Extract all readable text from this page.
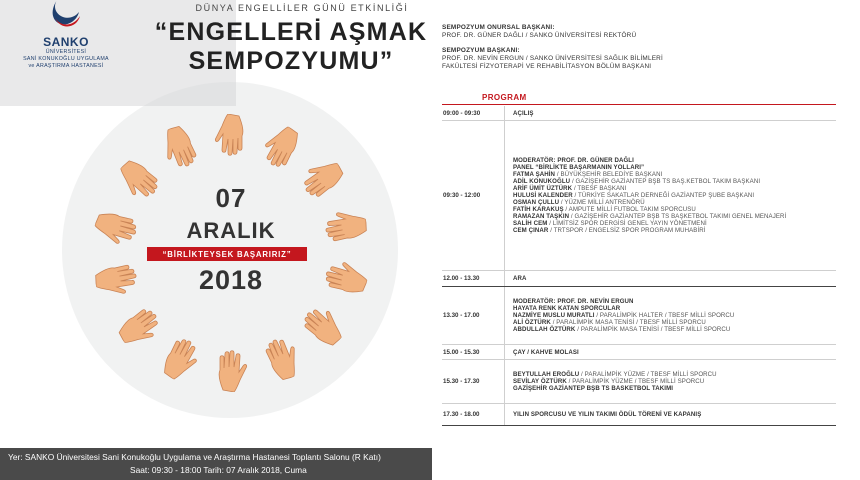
SANKO
ÜNİVERSİTESİ
SANİ KONUKOĞLU UYGULAMA
ve ARAŞTIRMA HASTANESİ
DÜNYA ENGELLİLER GÜNÜ ETKİNLİĞİ
“ENGELLERİ AŞMAK
SEMPOZYUMU”
07
ARALIK
“BİRLİKTEYSEK BAŞARIRIZ”
2018
Yer: SANKO Üniversitesi Sani Konukoğlu Uygulama ve Araştırma Hastanesi Toplantı Salonu (R Katı)
Saat: 09:30 - 18:00 Tarih: 07 Aralık 2018, Cuma
SEMPOZYUM ONURSAL BAŞKANI:
PROF. DR. GÜNER DAĞLI / SANKO ÜNİVERSİTESİ REKTÖRÜ
SEMPOZYUM BAŞKANI:
PROF. DR. NEVİN ERGUN / SANKO ÜNİVERSİTESİ SAĞLIK BİLİMLERİ
FAKÜLTESİ FİZYOTERAPİ VE REHABİLİTASYON BÖLÜM BAŞKANI
PROGRAM
09:00 - 09:30	AÇILIŞ
09:30 - 12:00
MODERATÖR: PROF. DR. GÜNER DAĞLI
PANEL “BİRLİKTE BAŞARMANIN YOLLARI”
FATMA ŞAHİN / BÜYÜKŞEHİR BELEDİYE BAŞKANI
ADİL KONUKOĞLU / GAZİŞEHİR GAZİANTEP BŞB TS BAŞ.KETBOL TAKIM BAŞKANI
ARİF ÜMİT ÜZTÜRK / TBESF BAŞKANI
HULUSİ KALENDER / TÜRKİYE SAKATLAR DERNEĞİ GAZİANTEP ŞUBE BAŞKANI
OSMAN ÇULLU / YÜZME MİLLİ ANTRENÖRÜ
FATİH KARAKUŞ / AMPUTE MİLLİ FUTBOL TAKIM SPORCUSU
RAMAZAN TAŞKIN / GAZİŞEHİR GAZİANTEP BŞB TS BAŞKETBOL TAKIMI GENEL MENAJERİ
SALİH CEM / LİMİTSİZ SPOR DERGİSİ GENEL YAYIN YÖNETMENİ
CEM ÇINAR / TRTSPOR / ENGELSİZ SPOR PROGRAM MUHABİRİ
12.00 - 13.30	ARA
13.30 - 17.00
MODERATÖR: PROF. DR. NEVİN ERGUN
HAYATA RENK KATAN SPORCULAR
NAZMİYE MUSLU MURATLI / PARALİMPİK HALTER / TBESF MİLLİ SPORCU
ALİ ÖZTÜRK / PARALİMPİK MASA TENİSİ / TBESF MİLLİ SPORCU
ABDULLAH ÖZTÜRK / PARALİMPİK MASA TENİSİ / TBESF MİLLİ SPORCU
15.00 - 15.30	ÇAY / KAHVE MOLASI
15.30 - 17.30
BEYTULLAH EROĞLU / PARALİMPİK YÜZME / TBESF MİLLİ SPORCU
SEVİLAY ÖZTÜRK / PARALİMPİK YÜZME / TBESF MİLLİ SPORCU
GAZİŞEHİR GAZİANTEP BŞB TS BASKETBOL TAKIMI
17.30 - 18.00	YILIN SPORCUSU VE YILIN TAKIMI ÖDÜL TÖRENİ VE KAPANIŞ
